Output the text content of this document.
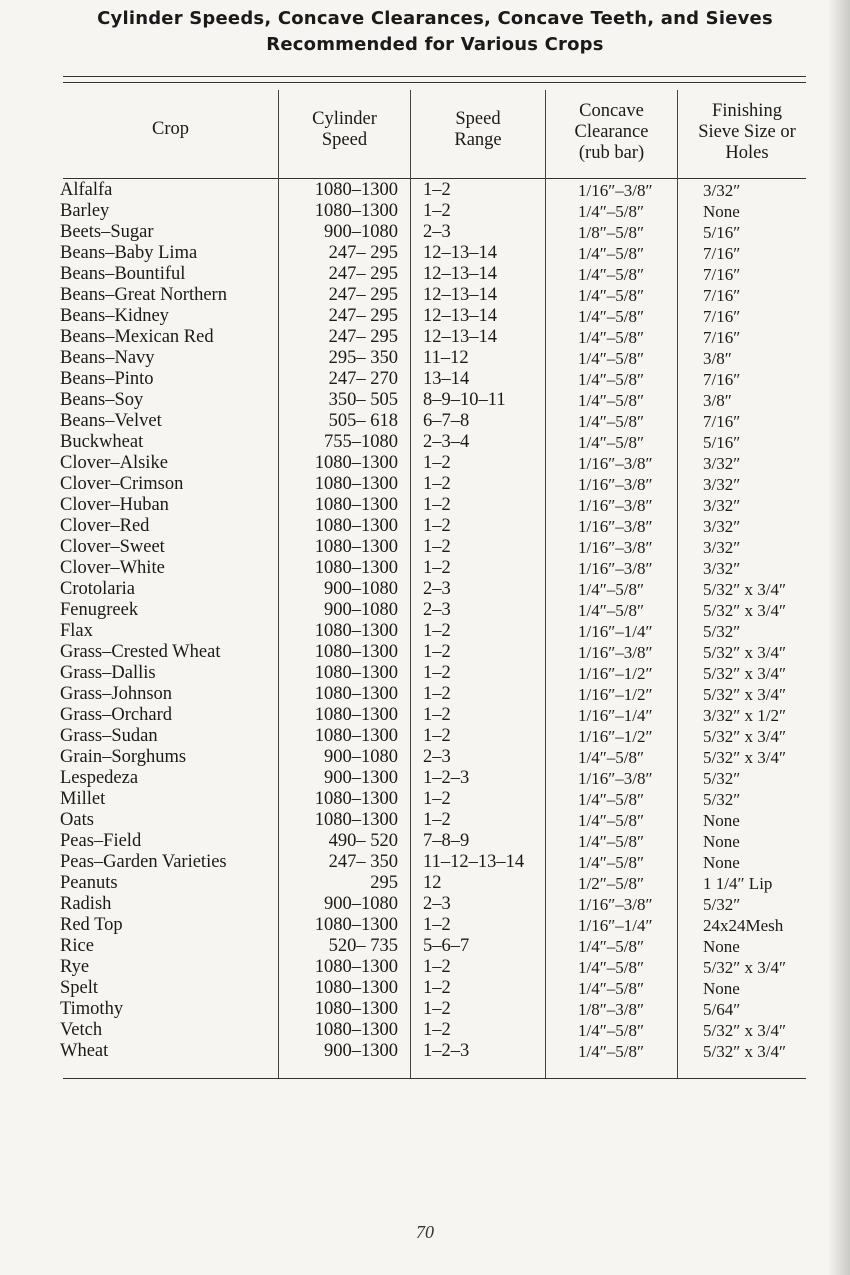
Cylinder Speeds, Concave Clearances, Concave Teeth, and Sieves
Recommended for Various Crops
Crop	Cylinder
Speed
Speed
Range
Concave
Clearance
(rub bar)
Finishing
Sieve Size or
Holes
Alfalfa
Barley
Beets–Sugar
Beans–Baby Lima
Beans–Bountiful
Beans–Great Northern
Beans–Kidney
Beans–Mexican Red
Beans–Navy
Beans–Pinto
Beans–Soy
Beans–Velvet
Buckwheat
Clover–Alsike
Clover–Crimson
Clover–Huban
Clover–Red
Clover–Sweet
Clover–White
Crotolaria
Fenugreek
Flax
Grass–Crested Wheat
Grass–Dallis
Grass–Johnson
Grass–Orchard
Grass–Sudan
Grain–Sorghums
Lespedeza
Millet
Oats
Peas–Field
Peas–Garden Varieties
Peanuts
Radish
Red Top
Rice
Rye
Spelt
Timothy
Vetch
Wheat
1080–1300
1080–1300
900–1080
247– 295
247– 295
247– 295
247– 295
247– 295
295– 350
247– 270
350– 505
505– 618
755–1080
1080–1300
1080–1300
1080–1300
1080–1300
1080–1300
1080–1300
900–1080
900–1080
1080–1300
1080–1300
1080–1300
1080–1300
1080–1300
1080–1300
900–1080
900–1300
1080–1300
1080–1300
490– 520
247– 350
295
900–1080
1080–1300
520– 735
1080–1300
1080–1300
1080–1300
1080–1300
900–1300
1–2
1–2
2–3
12–13–14
12–13–14
12–13–14
12–13–14
12–13–14
11–12
13–14
8–9–10–11
6–7–8
2–3–4
1–2
1–2
1–2
1–2
1–2
1–2
2–3
2–3
1–2
1–2
1–2
1–2
1–2
1–2
2–3
1–2–3
1–2
1–2
7–8–9
11–12–13–14
12
2–3
1–2
5–6–7
1–2
1–2
1–2
1–2
1–2–3
1/16″–3/8″
1/4″–5/8″
1/8″–5/8″
1/4″–5/8″
1/4″–5/8″
1/4″–5/8″
1/4″–5/8″
1/4″–5/8″
1/4″–5/8″
1/4″–5/8″
1/4″–5/8″
1/4″–5/8″
1/4″–5/8″
1/16″–3/8″
1/16″–3/8″
1/16″–3/8″
1/16″–3/8″
1/16″–3/8″
1/16″–3/8″
1/4″–5/8″
1/4″–5/8″
1/16″–1/4″
1/16″–3/8″
1/16″–1/2″
1/16″–1/2″
1/16″–1/4″
1/16″–1/2″
1/4″–5/8″
1/16″–3/8″
1/4″–5/8″
1/4″–5/8″
1/4″–5/8″
1/4″–5/8″
1/2″–5/8″
1/16″–3/8″
1/16″–1/4″
1/4″–5/8″
1/4″–5/8″
1/4″–5/8″
1/8″–3/8″
1/4″–5/8″
1/4″–5/8″
3/32″
None
5/16″
7/16″
7/16″
7/16″
7/16″
7/16″
3/8″
7/16″
3/8″
7/16″
5/16″
3/32″
3/32″
3/32″
3/32″
3/32″
3/32″
5/32″ x 3/4″
5/32″ x 3/4″
5/32″
5/32″ x 3/4″
5/32″ x 3/4″
5/32″ x 3/4″
3/32″ x 1/2″
5/32″ x 3/4″
5/32″ x 3/4″
5/32″
5/32″
None
None
None
1 1/4″ Lip
5/32″
24x24Mesh
None
5/32″ x 3/4″
None
5/64″
5/32″ x 3/4″
5/32″ x 3/4″
70
